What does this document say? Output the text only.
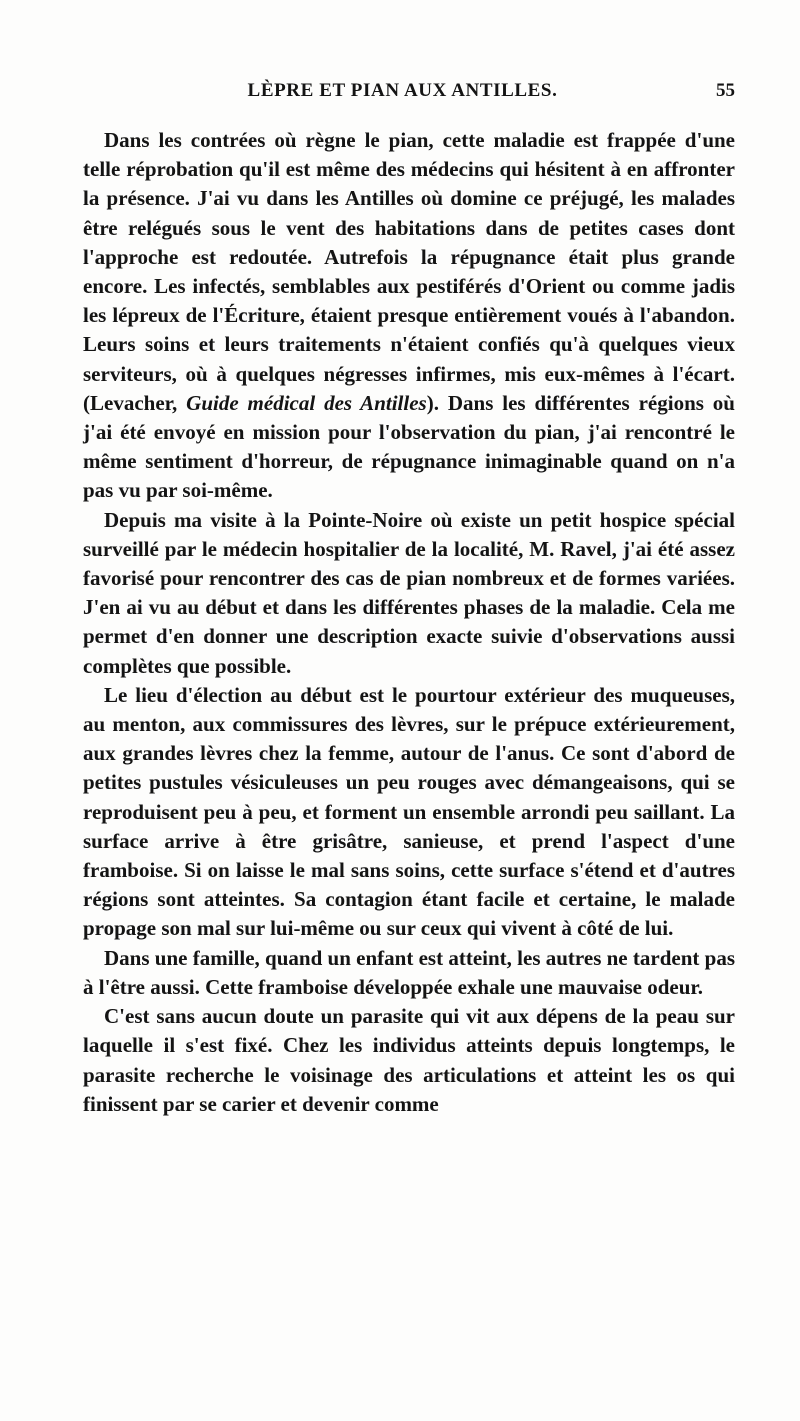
LÈPRE ET PIAN AUX ANTILLES.	55

Dans les contrées où règne le pian, cette maladie est frappée d'une telle réprobation qu'il est même des médecins qui hésitent à en affronter la présence. J'ai vu dans les Antilles où domine ce préjugé, les malades être relégués sous le vent des habitations dans de petites cases dont l'approche est redoutée. Autrefois la répugnance était plus grande encore. Les infectés, semblables aux pestiférés d'Orient ou comme jadis les lépreux de l'Écriture, étaient presque entièrement voués à l'abandon. Leurs soins et leurs traitements n'étaient confiés qu'à quelques vieux serviteurs, où à quelques négresses infirmes, mis eux-mêmes à l'écart. (Levacher, Guide médical des Antilles). Dans les différentes régions où j'ai été envoyé en mission pour l'observation du pian, j'ai rencontré le même sentiment d'horreur, de répugnance inimaginable quand on n'a pas vu par soi-même.

Depuis ma visite à la Pointe-Noire où existe un petit hospice spécial surveillé par le médecin hospitalier de la localité, M. Ravel, j'ai été assez favorisé pour rencontrer des cas de pian nombreux et de formes variées. J'en ai vu au début et dans les différentes phases de la maladie. Cela me permet d'en donner une description exacte suivie d'observations aussi complètes que possible.

Le lieu d'élection au début est le pourtour extérieur des muqueuses, au menton, aux commissures des lèvres, sur le prépuce extérieurement, aux grandes lèvres chez la femme, autour de l'anus. Ce sont d'abord de petites pustules vésiculeuses un peu rouges avec démangeaisons, qui se reproduisent peu à peu, et forment un ensemble arrondi peu saillant. La surface arrive à être grisâtre, sanieuse, et prend l'aspect d'une framboise. Si on laisse le mal sans soins, cette surface s'étend et d'autres régions sont atteintes. Sa contagion étant facile et certaine, le malade propage son mal sur lui-même ou sur ceux qui vivent à côté de lui.

Dans une famille, quand un enfant est atteint, les autres ne tardent pas à l'être aussi. Cette framboise développée exhale une mauvaise odeur.

C'est sans aucun doute un parasite qui vit aux dépens de la peau sur laquelle il s'est fixé. Chez les individus atteints depuis longtemps, le parasite recherche le voisinage des articulations et atteint les os qui finissent par se carier et devenir comme
